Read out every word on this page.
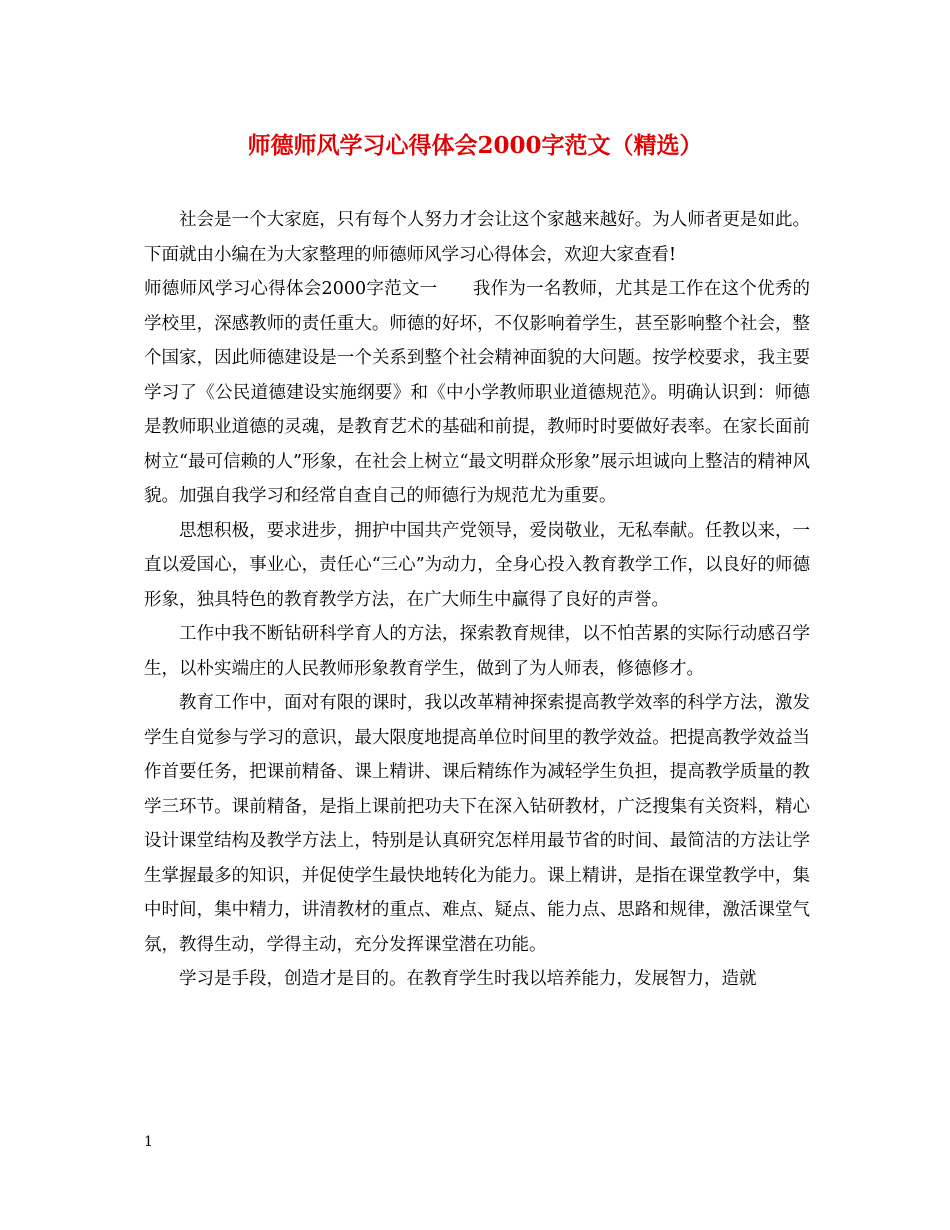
师德师风学习心得体会2000字范文（精选）

社会是一个大家庭，只有每个人努力才会让这个家越来越好。为人师者更是如此。下面就由小编在为大家整理的师德师风学习心得体会，欢迎大家查看!

师德师风学习心得体会2000字范文一　　我作为一名教师，尤其是工作在这个优秀的学校里，深感教师的责任重大。师德的好坏，不仅影响着学生，甚至影响整个社会，整个国家，因此师德建设是一个关系到整个社会精神面貌的大问题。按学校要求，我主要学习了《公民道德建设实施纲要》和《中小学教师职业道德规范》。明确认识到：师德是教师职业道德的灵魂，是教育艺术的基础和前提，教师时时要做好表率。在家长面前树立“最可信赖的人”形象，在社会上树立“最文明群众形象”展示坦诚向上整洁的精神风貌。加强自我学习和经常自查自己的师德行为规范尤为重要。

思想积极，要求进步，拥护中国共产党领导，爱岗敬业，无私奉献。任教以来，一直以爱国心，事业心，责任心“三心”为动力，全身心投入教育教学工作，以良好的师德形象，独具特色的教育教学方法，在广大师生中赢得了良好的声誉。

工作中我不断钻研科学育人的方法，探索教育规律，以不怕苦累的实际行动感召学生，以朴实端庄的人民教师形象教育学生，做到了为人师表，修德修才。

教育工作中，面对有限的课时，我以改革精神探索提高教学效率的科学方法，激发学生自觉参与学习的意识，最大限度地提高单位时间里的教学效益。把提高教学效益当作首要任务，把课前精备、课上精讲、课后精练作为减轻学生负担，提高教学质量的教学三环节。课前精备，是指上课前把功夫下在深入钻研教材，广泛搜集有关资料，精心设计课堂结构及教学方法上，特别是认真研究怎样用最节省的时间、最简洁的方法让学生掌握最多的知识，并促使学生最快地转化为能力。课上精讲，是指在课堂教学中，集中时间，集中精力，讲清教材的重点、难点、疑点、能力点、思路和规律，激活课堂气氛，教得生动，学得主动，充分发挥课堂潜在功能。

学习是手段，创造才是目的。在教育学生时我以培养能力，发展智力，造就

1
